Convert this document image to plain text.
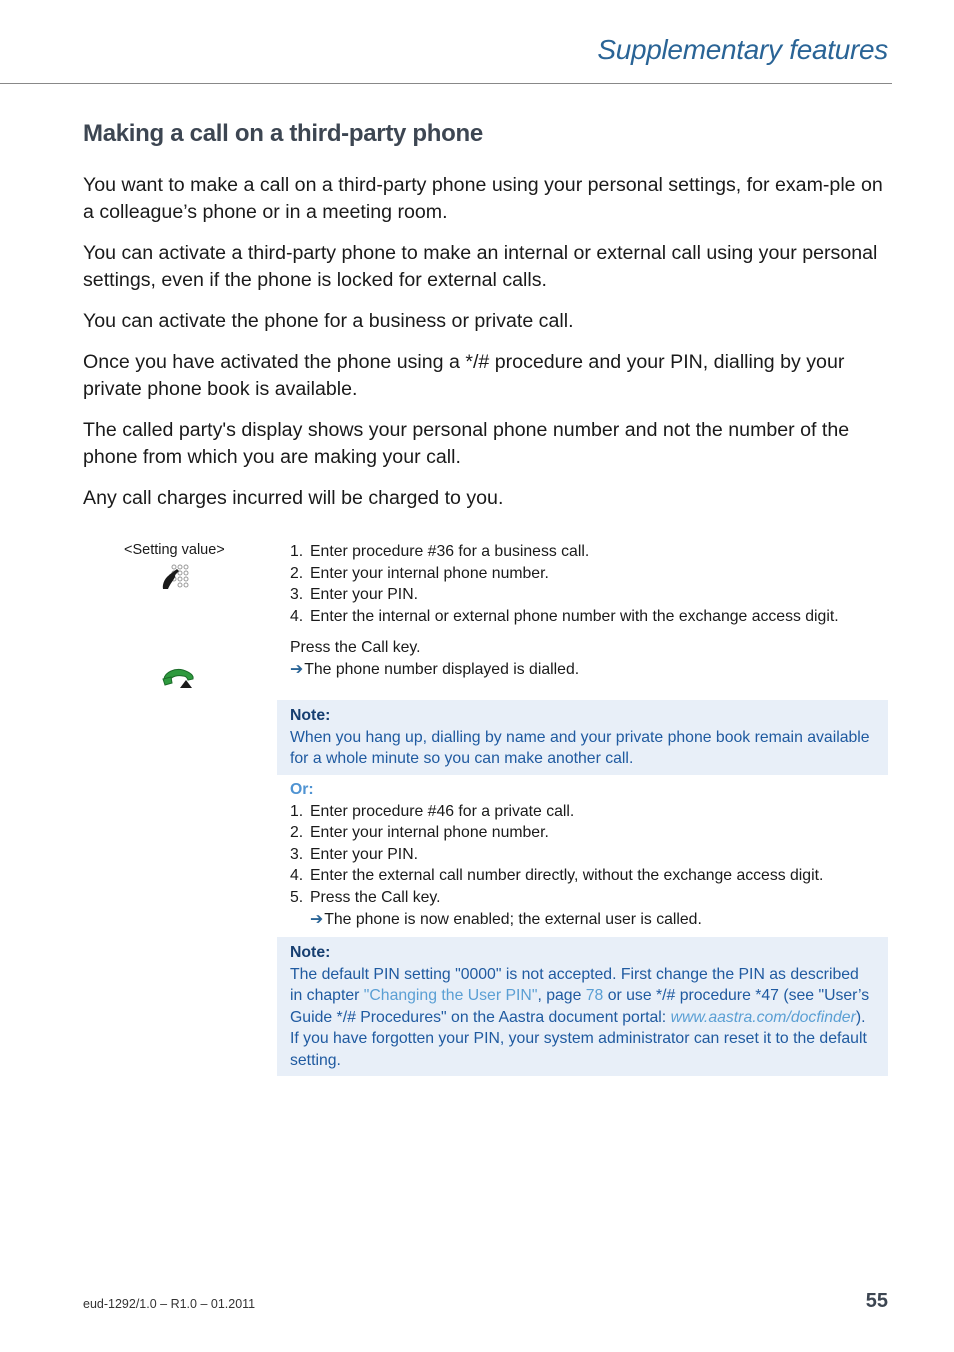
Supplementary features
Making a call on a third-party phone

You want to make a call on a third-party phone using your personal settings, for exam-ple on a colleague’s phone or in a meeting room.

You can activate a third-party phone to make an internal or external call using your personal settings, even if the phone is locked for external calls.

You can activate the phone for a business or private call.

Once you have activated the phone using a */# procedure and your PIN, dialling by your private phone book is available.

The called party's display shows your personal phone number and not the number of the phone from which you are making your call.

Any call charges incurred will be charged to you.

<Setting value>	1. Enter procedure #36 for a business call.
2. Enter your internal phone number.
3. Enter your PIN.
4. Enter the internal or external phone number with the exchange access digit.
Press the Call key.
➔ The phone number displayed is dialled.
Note:
When you hang up, dialling by name and your private phone book remain available for a whole minute so you can make another call.
Or:
1. Enter procedure #46 for a private call.
2. Enter your internal phone number.
3. Enter your PIN.
4. Enter the external call number directly, without the exchange access digit.
5. Press the Call key.
➔ The phone is now enabled; the external user is called.
Note:
The default PIN setting "0000" is not accepted. First change the PIN as described in chapter "Changing the User PIN", page 78 or use */# procedure *47 (see "User’s Guide */# Procedures" on the Aastra document portal: www.aastra.com/docfinder). If you have forgotten your PIN, your system administrator can reset it to the default setting.
eud-1292/1.0 – R1.0 – 01.2011	55
